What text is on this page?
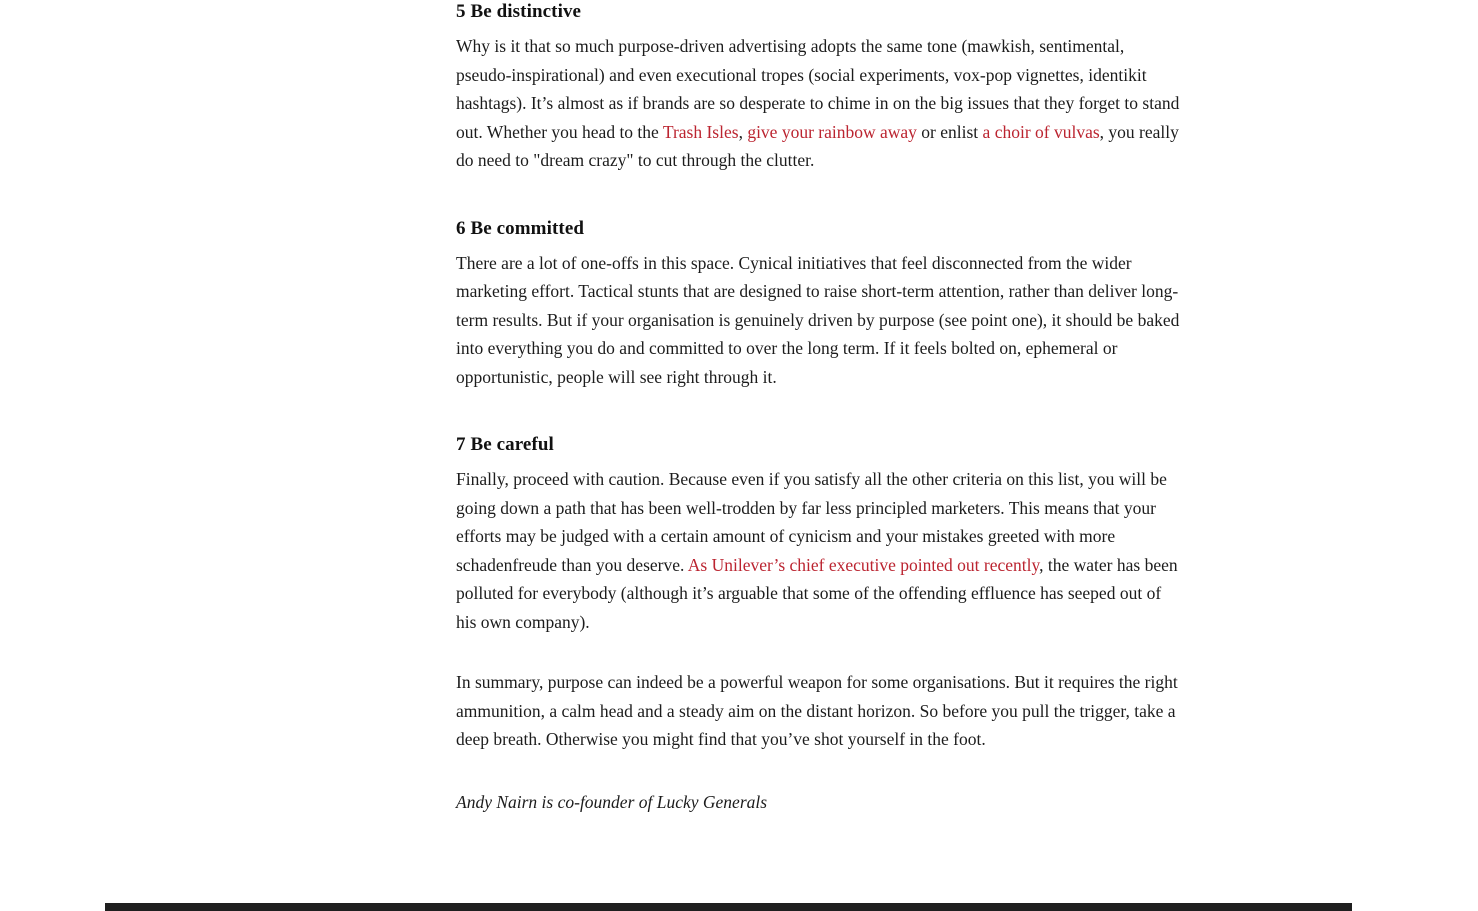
5 Be distinctive

Why is it that so much purpose-driven advertising adopts the same tone (mawkish, sentimental, pseudo-inspirational) and even executional tropes (social experiments, vox-pop vignettes, identikit hashtags). It’s almost as if brands are so desperate to chime in on the big issues that they forget to stand out. Whether you head to the Trash Isles, give your rainbow away or enlist a choir of vulvas, you really do need to "dream crazy" to cut through the clutter.

6 Be committed

There are a lot of one-offs in this space. Cynical initiatives that feel disconnected from the wider marketing effort. Tactical stunts that are designed to raise short-term attention, rather than deliver long-term results. But if your organisation is genuinely driven by purpose (see point one), it should be baked into everything you do and committed to over the long term. If it feels bolted on, ephemeral or opportunistic, people will see right through it.

7 Be careful

Finally, proceed with caution. Because even if you satisfy all the other criteria on this list, you will be going down a path that has been well-trodden by far less principled marketers. This means that your efforts may be judged with a certain amount of cynicism and your mistakes greeted with more schadenfreude than you deserve. As Unilever’s chief executive pointed out recently, the water has been polluted for everybody (although it’s arguable that some of the offending effluence has seeped out of his own company).

In summary, purpose can indeed be a powerful weapon for some organisations. But it requires the right ammunition, a calm head and a steady aim on the distant horizon. So before you pull the trigger, take a deep breath. Otherwise you might find that you’ve shot yourself in the foot.

Andy Nairn is co-founder of Lucky Generals
